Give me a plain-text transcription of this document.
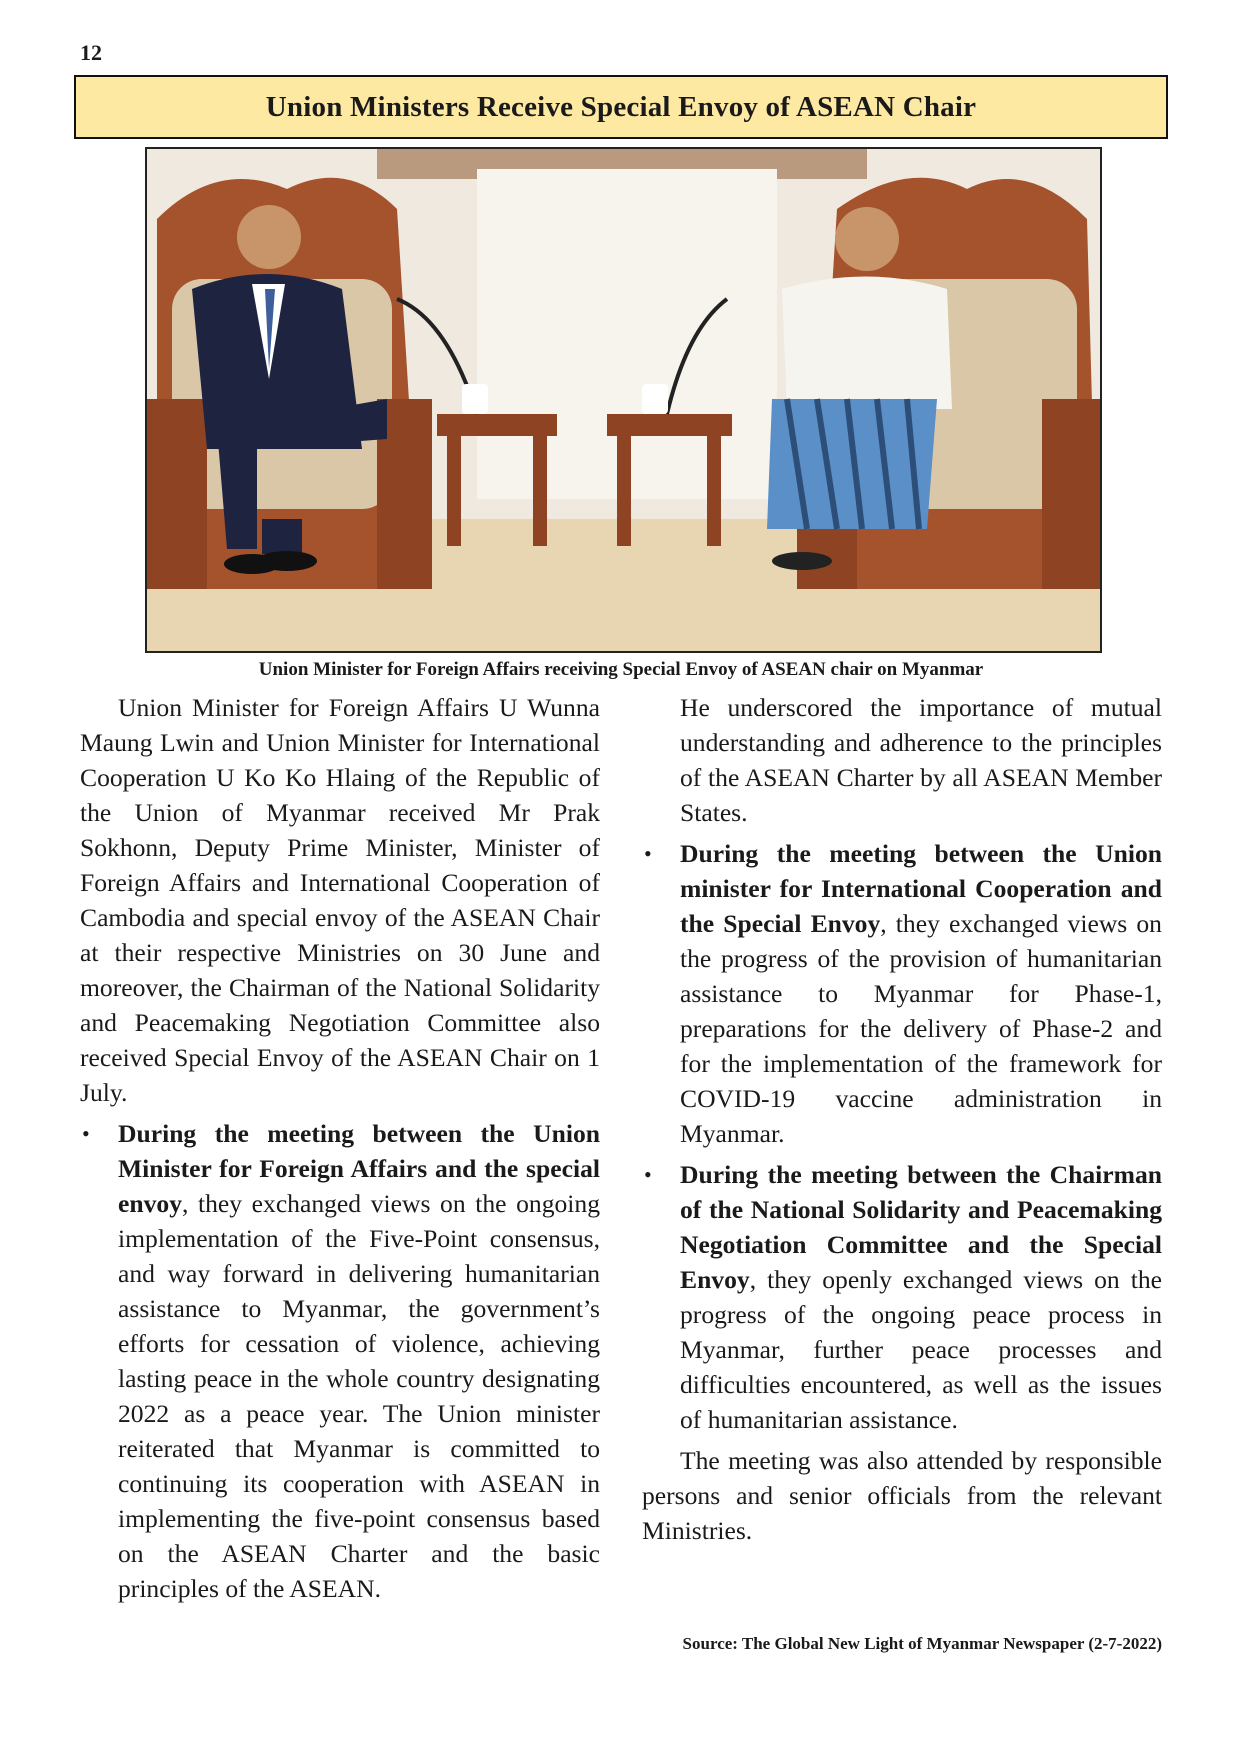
12
Union Ministers Receive Special Envoy of ASEAN Chair
Union Minister for Foreign Affairs receiving Special Envoy of ASEAN chair on Myanmar

Union Minister for Foreign Affairs U Wunna Maung Lwin and Union Minister for International Cooperation U Ko Ko Hlaing of the Republic of the Union of Myanmar received Mr Prak Sokhonn, Deputy Prime Minister, Minister of Foreign Affairs and International Cooperation of Cambodia and special envoy of the ASEAN Chair at their respective Ministries on 30 June and moreover, the Chairman of the National Solidarity and Peacemaking Negotiation Committee also received Special Envoy of the ASEAN Chair on 1 July.

• During the meeting between the Union Minister for Foreign Affairs and the special envoy, they exchanged views on the ongoing implementation of the Five-Point consensus, and way forward in delivering humanitarian assistance to Myanmar, the government’s efforts for cessation of violence, achieving lasting peace in the whole country designating 2022 as a peace year. The Union minister reiterated that Myanmar is committed to continuing its cooperation with ASEAN in implementing the five-point consensus based on the ASEAN Charter and the basic principles of the ASEAN.

He underscored the importance of mutual understanding and adherence to the principles of the ASEAN Charter by all ASEAN Member States.

• During the meeting between the Union minister for International Cooperation and the Special Envoy, they exchanged views on the progress of the provision of humanitarian assistance to Myanmar for Phase-1, preparations for the delivery of Phase-2 and for the implementation of the framework for COVID-19 vaccine administration in Myanmar.

• During the meeting between the Chairman of the National Solidarity and Peacemaking Negotiation Committee and the Special Envoy, they openly exchanged views on the progress of the ongoing peace process in Myanmar, further peace processes and difficulties encountered, as well as the issues of humanitarian assistance.

The meeting was also attended by responsible persons and senior officials from the relevant Ministries.

Source: The Global New Light of Myanmar Newspaper (2-7-2022)
